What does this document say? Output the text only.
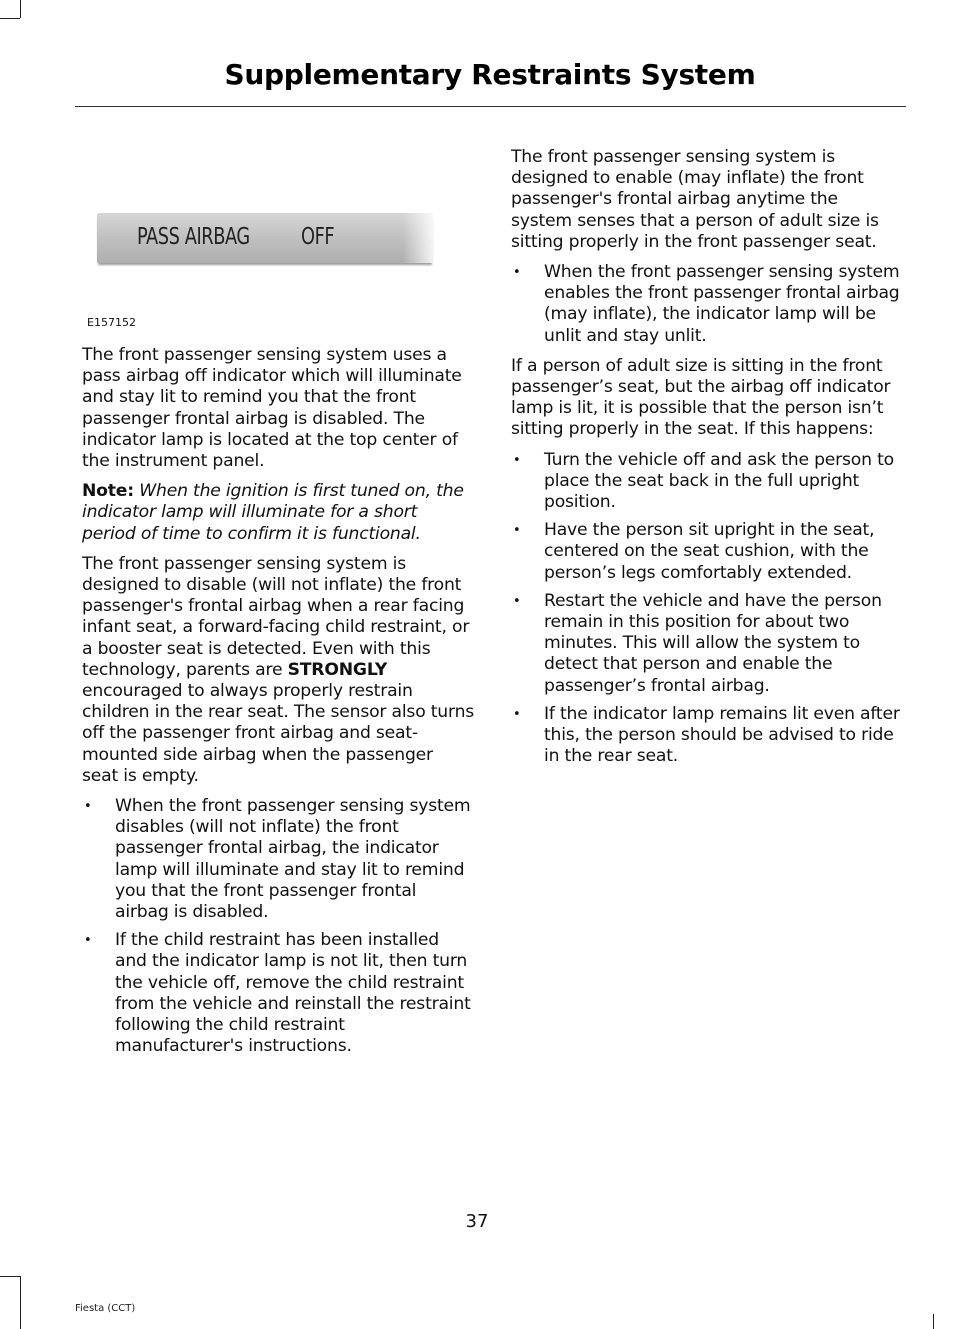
Supplementary Restraints System
PASS AIRBAG OFF
E157152

The front passenger sensing system uses a pass airbag off indicator which will illuminate and stay lit to remind you that the front passenger frontal airbag is disabled. The indicator lamp is located at the top center of the instrument panel.

Note: When the ignition is first tuned on, the indicator lamp will illuminate for a short period of time to confirm it is functional.

The front passenger sensing system is designed to disable (will not inflate) the front passenger's frontal airbag when a rear facing infant seat, a forward-facing child restraint, or a booster seat is detected. Even with this technology, parents are STRONGLY encouraged to always properly restrain children in the rear seat. The sensor also turns off the passenger front airbag and seat-mounted side airbag when the passenger seat is empty.

• When the front passenger sensing system disables (will not inflate) the front passenger frontal airbag, the indicator lamp will illuminate and stay lit to remind you that the front passenger frontal airbag is disabled.
• If the child restraint has been installed and the indicator lamp is not lit, then turn the vehicle off, remove the child restraint from the vehicle and reinstall the restraint following the child restraint manufacturer's instructions.

The front passenger sensing system is designed to enable (may inflate) the front passenger's frontal airbag anytime the system senses that a person of adult size is sitting properly in the front passenger seat.

• When the front passenger sensing system enables the front passenger frontal airbag (may inflate), the indicator lamp will be unlit and stay unlit.

If a person of adult size is sitting in the front passenger’s seat, but the airbag off indicator lamp is lit, it is possible that the person isn’t sitting properly in the seat. If this happens:

• Turn the vehicle off and ask the person to place the seat back in the full upright position.
• Have the person sit upright in the seat, centered on the seat cushion, with the person’s legs comfortably extended.
• Restart the vehicle and have the person remain in this position for about two minutes. This will allow the system to detect that person and enable the passenger’s frontal airbag.
• If the indicator lamp remains lit even after this, the person should be advised to ride in the rear seat.
37
Fiesta (CCT)
